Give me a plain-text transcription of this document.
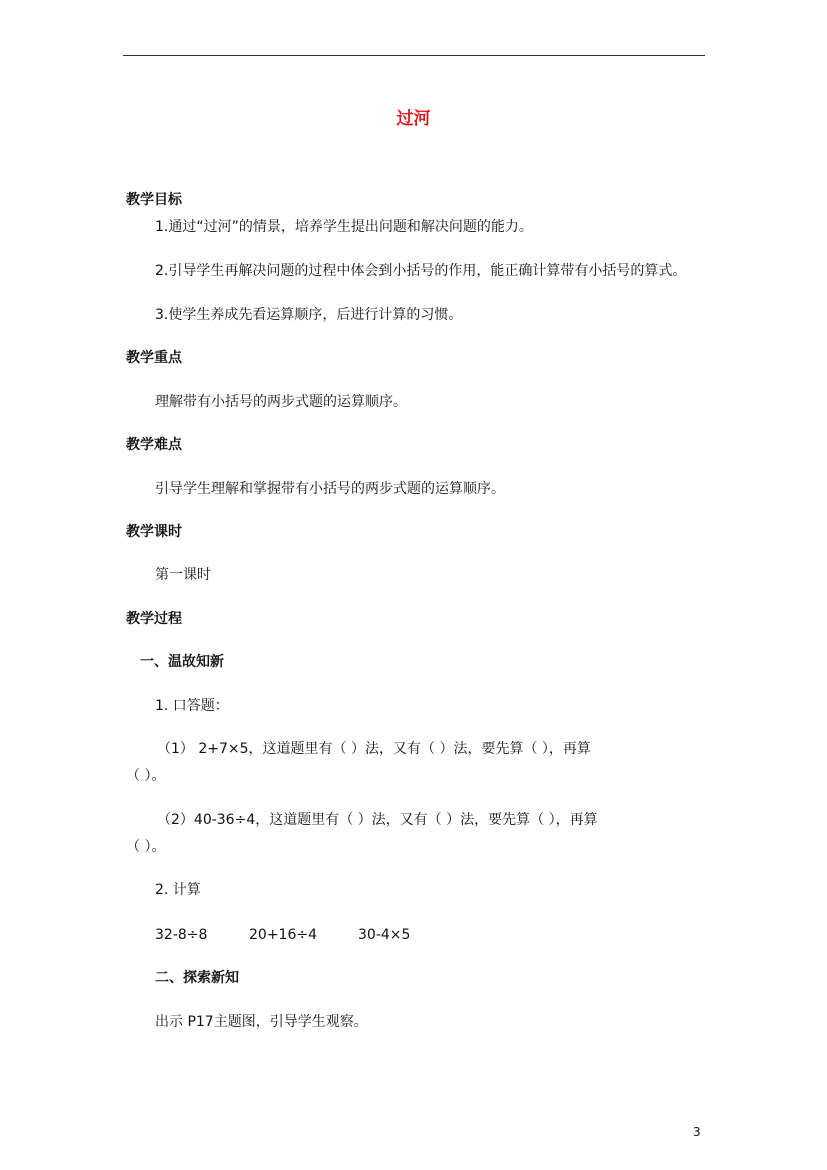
过河
教学目标
1.通过“过河”的情景，培养学生提出问题和解决问题的能力。
2.引导学生再解决问题的过程中体会到小括号的作用，能正确计算带有小括号的算式。
3.使学生养成先看运算顺序，后进行计算的习惯。
教学重点
理解带有小括号的两步式题的运算顺序。
教学难点
引导学生理解和掌握带有小括号的两步式题的运算顺序。
教学课时
第一课时
教学过程
一、温故知新
1. 口答题：
（1） 2+7×5，这道题里有（ ）法，又有（ ）法，要先算（ ），再算
（ ）。
（2）40-36÷4，这道题里有（ ）法，又有（ ）法，要先算（ ），再算
（ ）。
2. 计算
32-8÷8	20+16÷4	30-4×5
二、探索新知
出示 P17主题图，引导学生观察。
3
